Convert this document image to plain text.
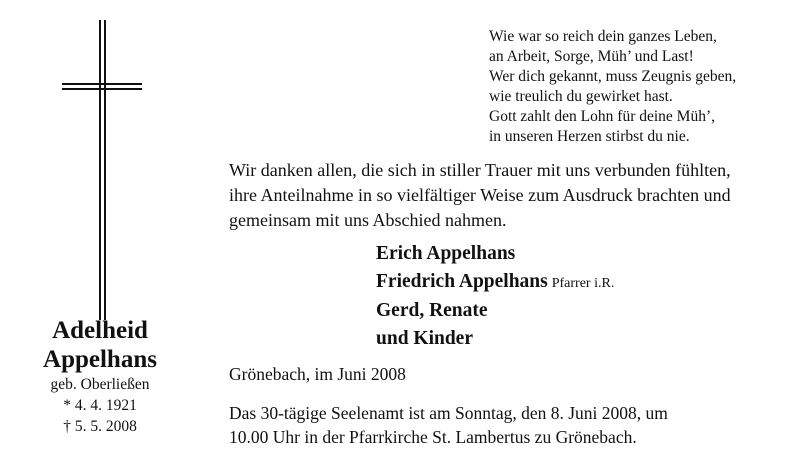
Wie war so reich dein ganzes Leben,
an Arbeit, Sorge, Müh’ und Last!
Wer dich gekannt, muss Zeugnis geben,
wie treulich du gewirket hast.
Gott zahlt den Lohn für deine Müh’,
in unseren Herzen stirbst du nie.
Wir danken allen, die sich in stiller Trauer mit uns verbunden fühlten,
ihre Anteilnahme in so vielfältiger Weise zum Ausdruck brachten und
gemeinsam mit uns Abschied nahmen.
Erich Appelhans
Friedrich Appelhans Pfarrer i.R.
Gerd, Renate
und Kinder
Adelheid
Appelhans
geb. Oberließen
* 4. 4. 1921
† 5. 5. 2008
Grönebach, im Juni 2008
Das 30-tägige Seelenamt ist am Sonntag, den 8. Juni 2008, um
10.00 Uhr in der Pfarrkirche St. Lambertus zu Grönebach.
